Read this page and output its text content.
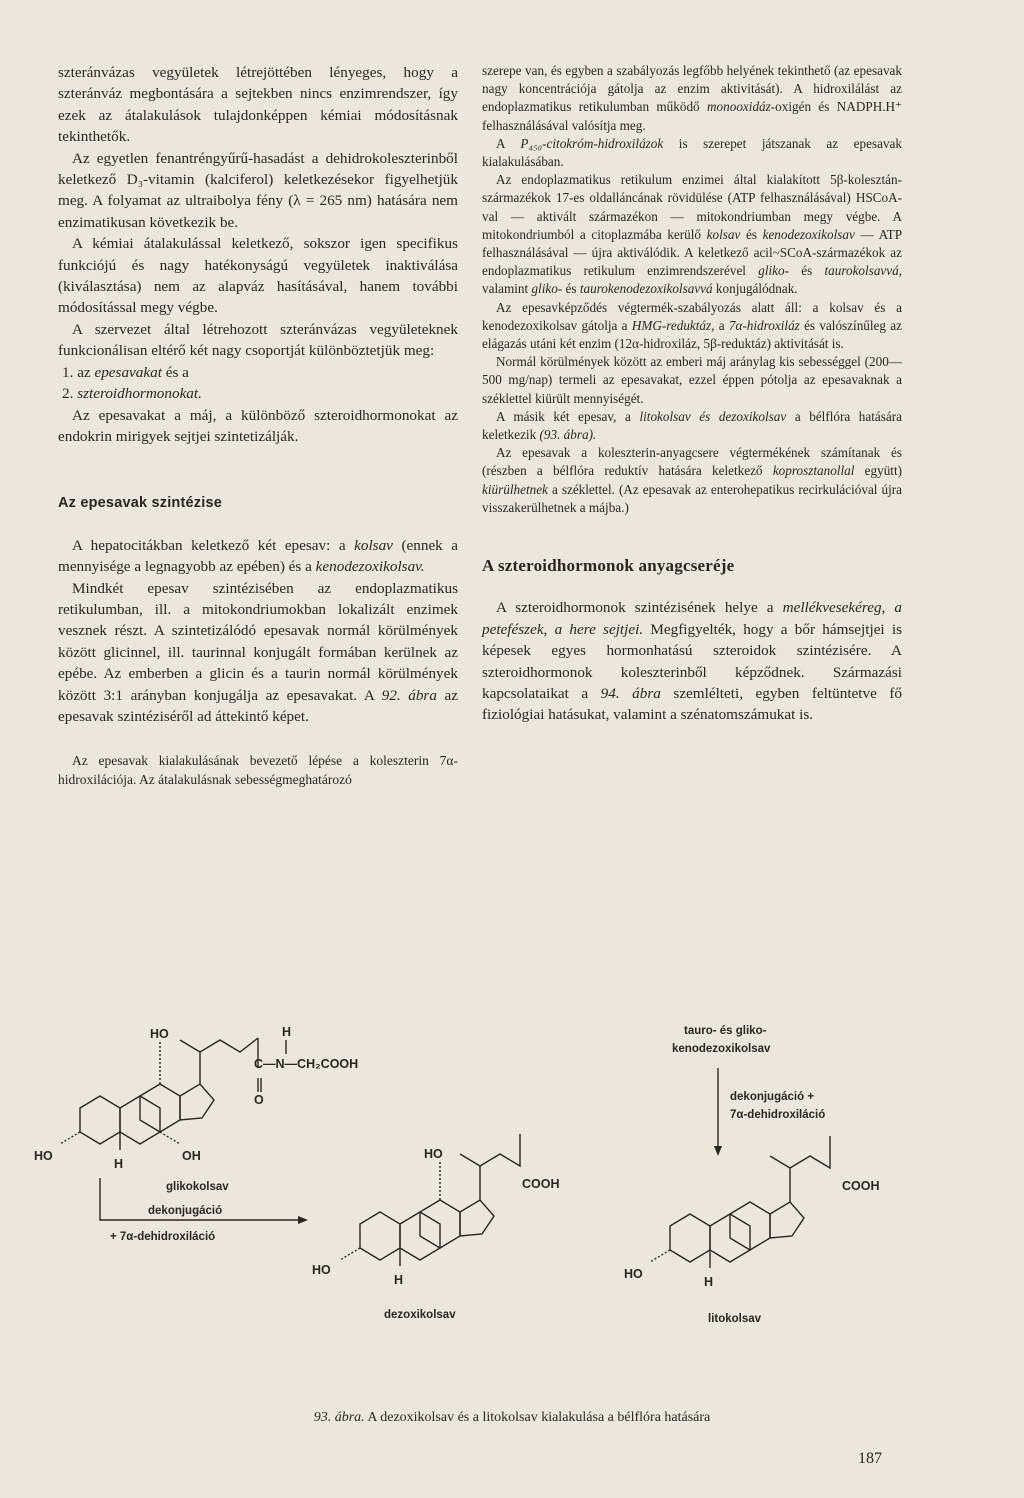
szteránvázas vegyületek létrejöttében lényeges, hogy a szteránváz megbontására a sejtekben nincs enzimrendszer, így ezek az átalakulások tulajdonképpen kémiai módosításnak tekinthetők.

Az egyetlen fenantréngyűrű-hasadást a dehidrokoleszterinből keletkező D₃-vitamin (kalciferol) keletkezésekor figyelhetjük meg. A folyamat az ultraibolya fény (λ = 265 nm) hatására nem enzimatikusan következik be.

A kémiai átalakulással keletkező, sokszor igen specifikus funkciójú és nagy hatékonyságú vegyületek inaktiválása (kiválasztása) nem az alapváz hasításával, hanem további módosítással megy végbe.

A szervezet által létrehozott szteránvázas vegyületeknek funkcionálisan eltérő két nagy csoportját különböztetjük meg:

1. az epesavakat és a

2. szteroidhormonokat.

Az epesavakat a máj, a különböző szteroidhormonokat az endokrin mirigyek sejtjei szintetizálják.

Az epesavak szintézise

A hepatocitákban keletkező két epesav: a kolsav (ennek a mennyisége a legnagyobb az epében) és a kenodezoxikolsav.

Mindkét epesav szintézisében az endoplazmatikus retikulumban, ill. a mitokondriumokban lokalizált enzimek vesznek részt. A szintetizálódó epesavak normál körülmények között glicinnel, ill. taurinnal konjugált formában kerülnek az epébe. Az emberben a glicin és a taurin normál körülmények között 3:1 arányban konjugálja az epesavakat. A 92. ábra az epesavak szintéziséről ad áttekintő képet.

Az epesavak kialakulásának bevezető lépése a koleszterin 7α-hidroxilációja. Az átalakulásnak sebességmeghatározó

szerepe van, és egyben a szabályozás legfőbb helyének tekinthető (az epesavak nagy koncentrációja gátolja az enzim aktivitását). A hidroxilálást az endoplazmatikus retikulumban működő monooxidáz-oxigén és NADPH.H⁺ felhasználásával valósítja meg.

A P₄₅₀-citokróm-hidroxilázok is szerepet játszanak az epesavak kialakulásában.

Az endoplazmatikus retikulum enzimei által kialakított 5β-kolesztán-származékok 17-es oldalláncának rövidülése (ATP felhasználásával) HSCoA-val — aktivált származékon — mitokondriumban megy végbe. A mitokondriumból a citoplazmába kerülő kolsav és kenodezoxikolsav — ATP felhasználásával — újra aktiválódik. A keletkező acil~SCoA-származékok az endoplazmatikus retikulum enzimrendszerével gliko- és taurokolsavvá, valamint gliko- és taurokenodezoxikolsavvá konjugálódnak.

Az epesavképződés végtermék-szabályozás alatt áll: a kolsav és a kenodezoxikolsav gátolja a HMG-reduktáz, a 7α-hidroxiláz és valószínűleg az elágazás utáni két enzim (12α-hidroxiláz, 5β-reduktáz) aktivitását is.

Normál körülmények között az emberi máj aránylag kis sebességgel (200—500 mg/nap) termeli az epesavakat, ezzel éppen pótolja az epesavaknak a széklettel kiürült mennyiségét.

A másik két epesav, a litokolsav és dezoxikolsav a bélflóra hatására keletkezik (93. ábra).

Az epesavak a koleszterin-anyagcsere végtermékének számítanak és (részben a bélflóra reduktív hatására keletkező koprosztanollal együtt) kiürülhetnek a széklettel. (Az epesavak az enterohepatikus recirkulációval újra visszakerülhetnek a májba.)

A szteroidhormonok anyagcseréje

A szteroidhormonok szintézisének helye a mellékvesekéreg, a petefészek, a here sejtjei. Megfigyelték, hogy a bőr hámsejtjei is képesek egyes hormonhatású szteroidok szintézisére. A szteroidhormonok koleszterinből képződnek. Származási kapcsolataikat a 94. ábra szemlélteti, egyben feltüntetve fő fiziológiai hatásukat, valamint a szénatomszámukat is.

HO	H
C—N—CH₂COOH
O
HO	OH
H
glikokolsav
dekonjugáció
+ 7α-dehidroxiláció
HO
COOH
HO
H
dezoxikolsav
tauro- és gliko-
kenodezoxikolsav
dekonjugáció +
7α-dehidroxiláció
COOH
HO
H
litokolsav
93. ábra. A dezoxikolsav és a litokolsav kialakulása a bélflóra hatására
187
